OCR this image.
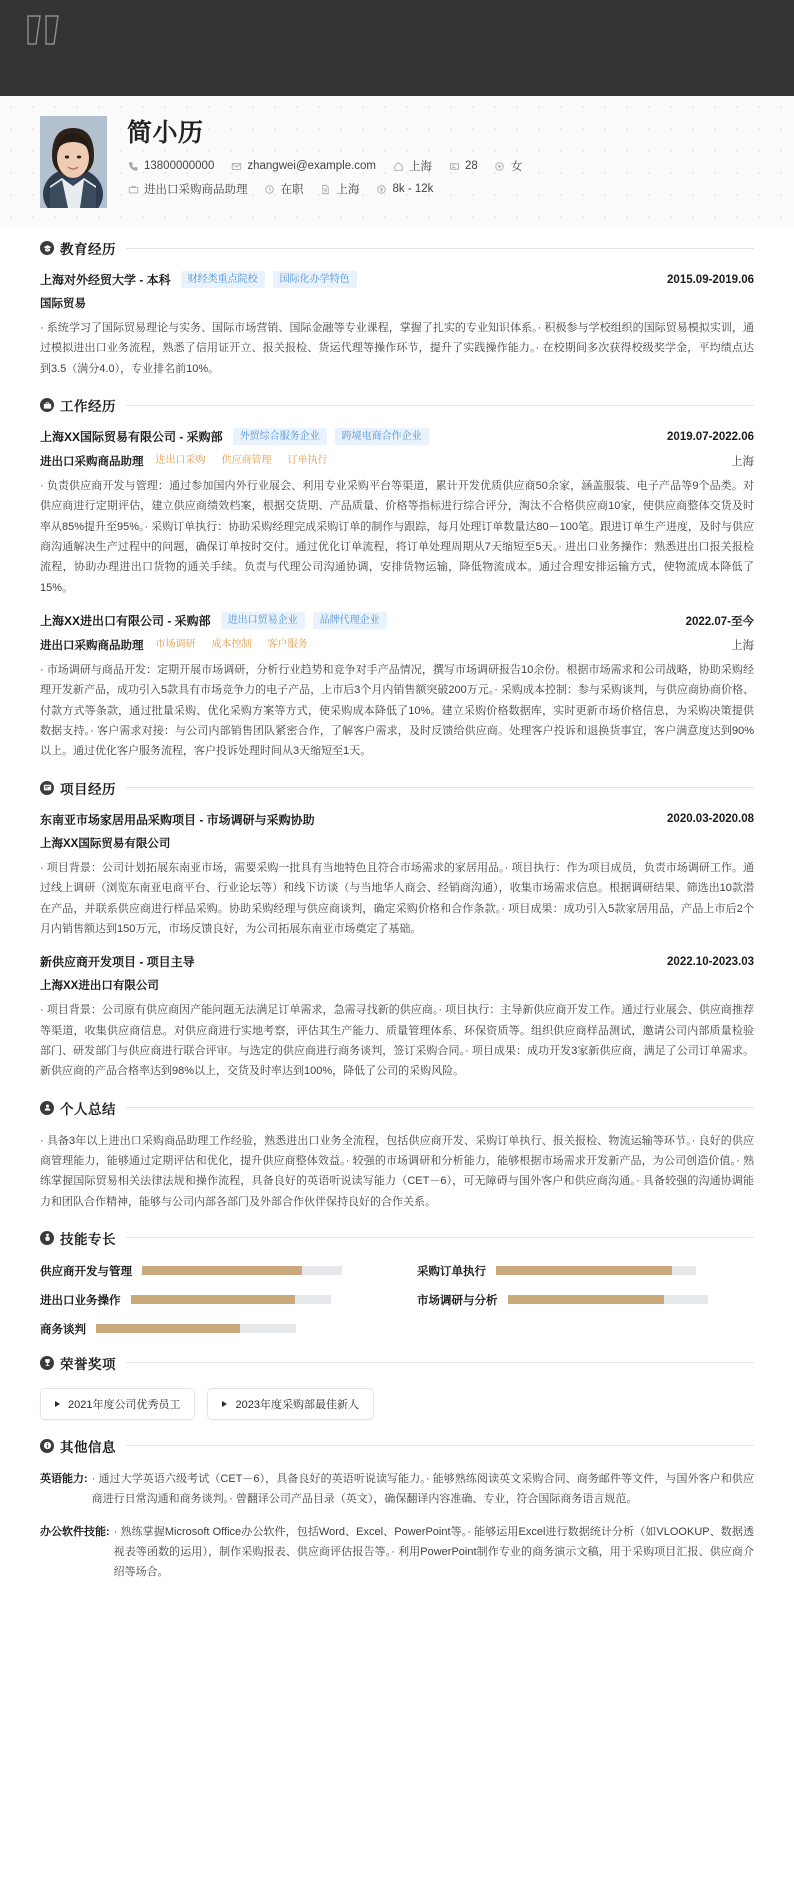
简小历
13800000000	zhangwei@example.com	上海	28	女
进出口采购商品助理	在职	上海	8k - 12k
教育经历
上海对外经贸大学 - 本科	财经类重点院校	国际化办学特色	2015.09-2019.06
国际贸易
· 系统学习了国际贸易理论与实务、国际市场营销、国际金融等专业课程，掌握了扎实的专业知识体系。· 积极参与学校组织的国际贸易模拟实训，通过模拟进出口业务流程，熟悉了信用证开立、报关报检、货运代理等操作环节，提升了实践操作能力。· 在校期间多次获得校级奖学金，平均绩点达到3.5（满分4.0），专业排名前10%。
工作经历
上海XX国际贸易有限公司 - 采购部	外贸综合服务企业	跨境电商合作企业	2019.07-2022.06
进出口采购商品助理 进出口采购 供应商管理 订单执行	上海
· 负责供应商开发与管理：通过参加国内外行业展会、利用专业采购平台等渠道，累计开发优质供应商50余家，涵盖服装、电子产品等9个品类。对供应商进行定期评估，建立供应商绩效档案，根据交货期、产品质量、价格等指标进行综合评分，淘汰不合格供应商10家，使供应商整体交货及时率从85%提升至95%。· 采购订单执行：协助采购经理完成采购订单的制作与跟踪，每月处理订单数量达80－100笔。跟进订单生产进度，及时与供应商沟通解决生产过程中的问题，确保订单按时交付。通过优化订单流程，将订单处理周期从7天缩短至5天。· 进出口业务操作：熟悉进出口报关报检流程，协助办理进出口货物的通关手续。负责与代理公司沟通协调，安排货物运输，降低物流成本。通过合理安排运输方式，使物流成本降低了15%。
上海XX进出口有限公司 - 采购部	进出口贸易企业	品牌代理企业	2022.07-至今
进出口采购商品助理 市场调研 成本控制 客户服务	上海
· 市场调研与商品开发：定期开展市场调研，分析行业趋势和竞争对手产品情况，撰写市场调研报告10余份。根据市场需求和公司战略，协助采购经理开发新产品，成功引入5款具有市场竞争力的电子产品，上市后3个月内销售额突破200万元。· 采购成本控制：参与采购谈判，与供应商协商价格、付款方式等条款，通过批量采购、优化采购方案等方式，使采购成本降低了10%。建立采购价格数据库，实时更新市场价格信息，为采购决策提供数据支持。· 客户需求对接：与公司内部销售团队紧密合作，了解客户需求，及时反馈给供应商。处理客户投诉和退换货事宜，客户满意度达到90%以上。通过优化客户服务流程，客户投诉处理时间从3天缩短至1天。
项目经历
东南亚市场家居用品采购项目 - 市场调研与采购协助	2020.03-2020.08
上海XX国际贸易有限公司
· 项目背景：公司计划拓展东南亚市场，需要采购一批具有当地特色且符合市场需求的家居用品。· 项目执行：作为项目成员，负责市场调研工作。通过线上调研（浏览东南亚电商平台、行业论坛等）和线下访谈（与当地华人商会、经销商沟通），收集市场需求信息。根据调研结果、筛选出10款潜在产品，并联系供应商进行样品采购。协助采购经理与供应商谈判，确定采购价格和合作条款。· 项目成果：成功引入5款家居用品，产品上市后2个月内销售额达到150万元，市场反馈良好，为公司拓展东南亚市场奠定了基础。
新供应商开发项目 - 项目主导	2022.10-2023.03
上海XX进出口有限公司
· 项目背景：公司原有供应商因产能问题无法满足订单需求，急需寻找新的供应商。· 项目执行：主导新供应商开发工作。通过行业展会、供应商推荐等渠道，收集供应商信息。对供应商进行实地考察，评估其生产能力、质量管理体系、环保资质等。组织供应商样品测试，邀请公司内部质量检验部门、研发部门与供应商进行联合评审。与选定的供应商进行商务谈判，签订采购合同。· 项目成果：成功开发3家新供应商，满足了公司订单需求。新供应商的产品合格率达到98%以上，交货及时率达到100%，降低了公司的采购风险。
个人总结
· 具备3年以上进出口采购商品助理工作经验，熟悉进出口业务全流程，包括供应商开发、采购订单执行、报关报检、物流运输等环节。· 良好的供应商管理能力，能够通过定期评估和优化，提升供应商整体效益。· 较强的市场调研和分析能力，能够根据市场需求开发新产品，为公司创造价值。· 熟练掌握国际贸易相关法律法规和操作流程，具备良好的英语听说读写能力（CET－6），可无障碍与国外客户和供应商沟通。· 具备较强的沟通协调能力和团队合作精神，能够与公司内部各部门及外部合作伙伴保持良好的合作关系。
技能专长
供应商开发与管理	采购订单执行
进出口业务操作	市场调研与分析
商务谈判
荣誉奖项
2021年度公司优秀员工	2023年度采购部最佳新人
其他信息
英语能力: · 通过大学英语六级考试（CET－6），具备良好的英语听说读写能力。· 能够熟练阅读英文采购合同、商务邮件等文件，与国外客户和供应商进行日常沟通和商务谈判。· 曾翻译公司产品目录（英文），确保翻译内容准确、专业，符合国际商务语言规范。
办公软件技能: · 熟练掌握Microsoft Office办公软件，包括Word、Excel、PowerPoint等。· 能够运用Excel进行数据统计分析（如VLOOKUP、数据透视表等函数的运用），制作采购报表、供应商评估报告等。· 利用PowerPoint制作专业的商务演示文稿，用于采购项目汇报、供应商介绍等场合。
